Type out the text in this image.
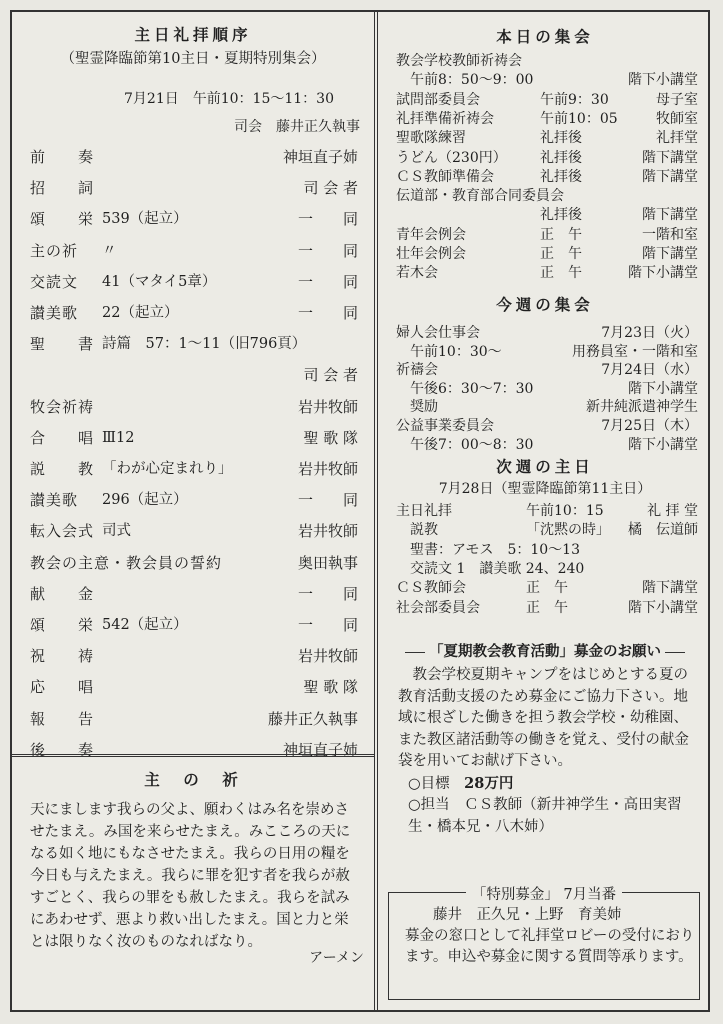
主日礼拝順序
（聖霊降臨節第10主日・夏期特別集会）
7月21日　午前10：15〜11：30
司会　藤井正久執事
前　　奏	神垣直子姉
招　　詞	司 会 者
頌　　栄 539（起立）	一　　同
主の祈 〃	一　　同
交読文 41（マタイ5章）	一　　同
讃美歌 22（起立）	一　　同
聖　　書 詩篇　57：1〜11（旧796頁）
司 会 者
牧会祈祷	岩井牧師
合　　唱 Ⅲ12	聖 歌 隊
説　　教 「わが心定まれり」	岩井牧師
讃美歌 296（起立）	一　　同
転入会式 司式	岩井牧師
教会の主意・教会員の誓約	奥田執事
献　　金	一　　同
頌　　栄 542（起立）	一　　同
祝　　祷	岩井牧師
応　　唱	聖 歌 隊
報　　告	藤井正久執事
後　　奏	神垣直子姉
主　の　祈
天にまします我らの父よ、願わくはみ名を崇めさせたまえ。み国を来らせたまえ。みこころの天になる如く地にもなさせたまえ。我らの日用の糧を今日も与えたまえ。我らに罪を犯す者を我らが赦すごとく、我らの罪をも赦したまえ。我らを試みにあわせず、悪より救い出したまえ。国と力と栄とは限りなく汝のものなればなり。
アーメン
本日の集会
教会学校教師祈祷会
　午前8：50〜9：00	階下小講堂
試問部委員会	午前9：30	母子室
礼拝準備祈祷会	午前10：05	牧師室
聖歌隊練習	礼拝後	礼拝堂
うどん（230円） 礼拝後	階下講堂
ＣＳ教師準備会	礼拝後	階下講堂
伝道部・教育部合同委員会
礼拝後	階下講堂
青年会例会	正　午	一階和室
壮年会例会	正　午	階下講堂
若木会	正　午	階下小講堂
今週の集会
婦人会仕事会	7月23日（火）
　午前10：30〜	用務員室・一階和室
祈禱会	7月24日（水）
　午後6：30〜7：30	階下小講堂
　奨励	新井純派遣神学生
公益事業委員会	7月25日（木）
　午後7：00〜8：30	階下小講堂
次週の主日
7月28日（聖霊降臨節第11主日）
主日礼拝	午前10：15	礼 拝 堂
　説教	「沈黙の時」 橘　伝道師
　聖書：アモス　5：10〜13
　交読文 1　讃美歌 24、240
ＣＳ教師会	正　午	階下講堂
社会部委員会	正　午	階下小講堂
「夏期教会教育活動」募金のお願い
教会学校夏期キャンプをはじめとする夏の教育活動支援のため募金にご協力下さい。地域に根ざした働きを担う教会学校・幼稚園、また教区諸活動等の働きを覚え、受付の献金袋を用いてお献げ下さい。
○目標　 28万円
○担当　 ＣＳ教師（新井神学生・高田実習生・橋本兄・八木姉）
「特別募金」 7月当番
藤井　正久兄・上野　育美姉
募金の窓口として礼拝堂ロビーの受付におります。申込や募金に関する質問等承ります。
